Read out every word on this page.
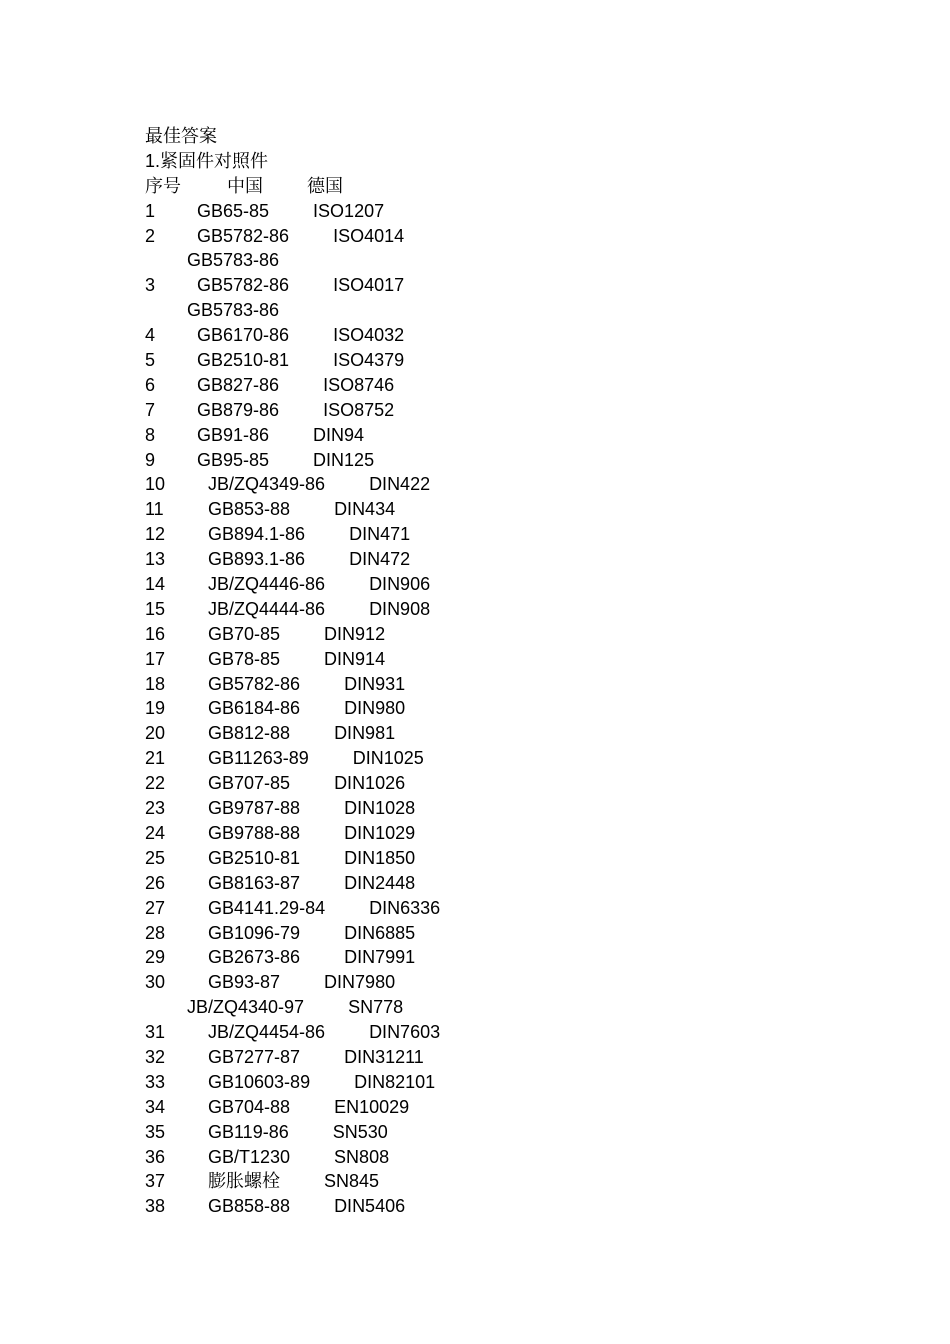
最佳答案
1.紧固件对照件
序号	中国 德国
1 GB65-85 ISO1207
2 GB5782-86 ISO4014
GB5783-86
3 GB5782-86 ISO4017
GB5783-86
4 GB6170-86 ISO4032
5 GB2510-81 ISO4379
6 GB827-86 ISO8746
7 GB879-86 ISO8752
8 GB91-86 DIN94
9 GB95-85 DIN125
10 JB/ZQ4349-86 DIN422
11 GB853-88 DIN434
12 GB894.1-86 DIN471
13 GB893.1-86 DIN472
14 JB/ZQ4446-86 DIN906
15 JB/ZQ4444-86 DIN908
16 GB70-85 DIN912
17 GB78-85 DIN914
18 GB5782-86 DIN931
19 GB6184-86 DIN980
20 GB812-88 DIN981
21 GB11263-89 DIN1025
22 GB707-85 DIN1026
23 GB9787-88 DIN1028
24 GB9788-88 DIN1029
25 GB2510-81 DIN1850
26 GB8163-87 DIN2448
27 GB4141.29-84 DIN6336
28 GB1096-79 DIN6885
29 GB2673-86 DIN7991
30 GB93-87 DIN7980
JB/ZQ4340-97 SN778
31 JB/ZQ4454-86 DIN7603
32 GB7277-87 DIN31211
33 GB10603-89 DIN82101
34 GB704-88 EN10029
35 GB119-86 SN530
36 GB/T1230 SN808
37 膨胀螺栓 SN845
38 GB858-88 DIN5406
